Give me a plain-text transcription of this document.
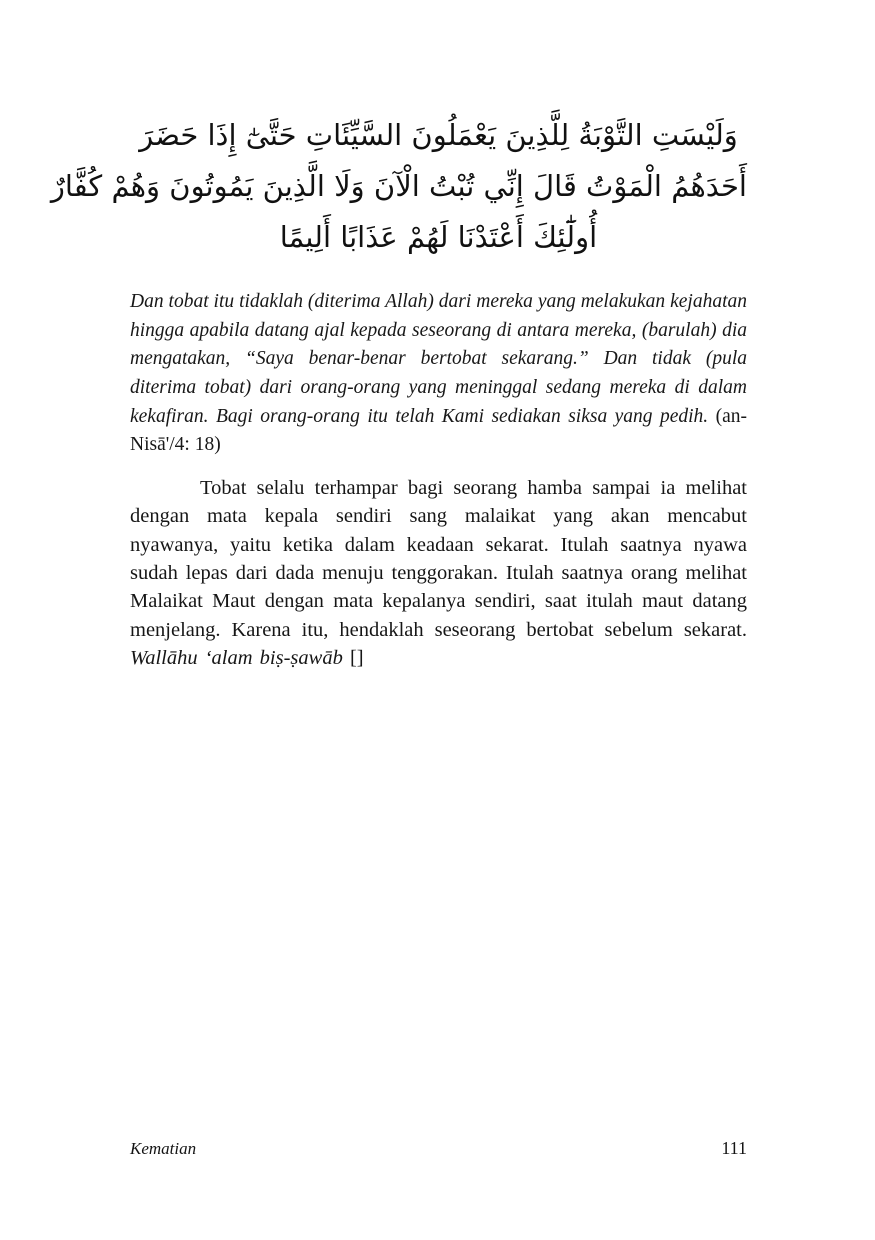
وَلَيْسَتِ التَّوْبَةُ لِلَّذِينَ يَعْمَلُونَ السَّيِّئَاتِ حَتَّىٰٓ إِذَا حَضَرَ
أَحَدَهُمُ الْمَوْتُ قَالَ إِنِّي تُبْتُ الْآنَ وَلَا الَّذِينَ يَمُوتُونَ وَهُمْ كُفَّارٌ
أُولَٰٓئِكَ أَعْتَدْنَا لَهُمْ عَذَابًا أَلِيمًا

Dan tobat itu tidaklah (diterima Allah) dari mereka yang melakukan kejahatan hingga apabila datang ajal kepada seseorang di antara mereka, (barulah) dia mengatakan, “Saya benar-benar bertobat sekarang.” Dan tidak (pula diterima tobat) dari orang-orang yang meninggal sedang mereka di dalam kekafiran. Bagi orang-orang itu telah Kami sediakan siksa yang pedih. (an-Nisā'/4: 18)

Tobat selalu terhampar bagi seorang hamba sampai ia melihat dengan mata kepala sendiri sang malaikat yang akan mencabut nyawanya, yaitu ketika dalam keadaan sekarat. Itulah saatnya nyawa sudah lepas dari dada menuju tenggorakan. Itulah saatnya orang melihat Malaikat Maut dengan mata kepalanya sendiri, saat itulah maut datang menjelang. Karena itu, hendaklah seseorang bertobat sebelum sekarat. Wallāhu ‘alam biṣ-ṣawāb []

Kematian	111
